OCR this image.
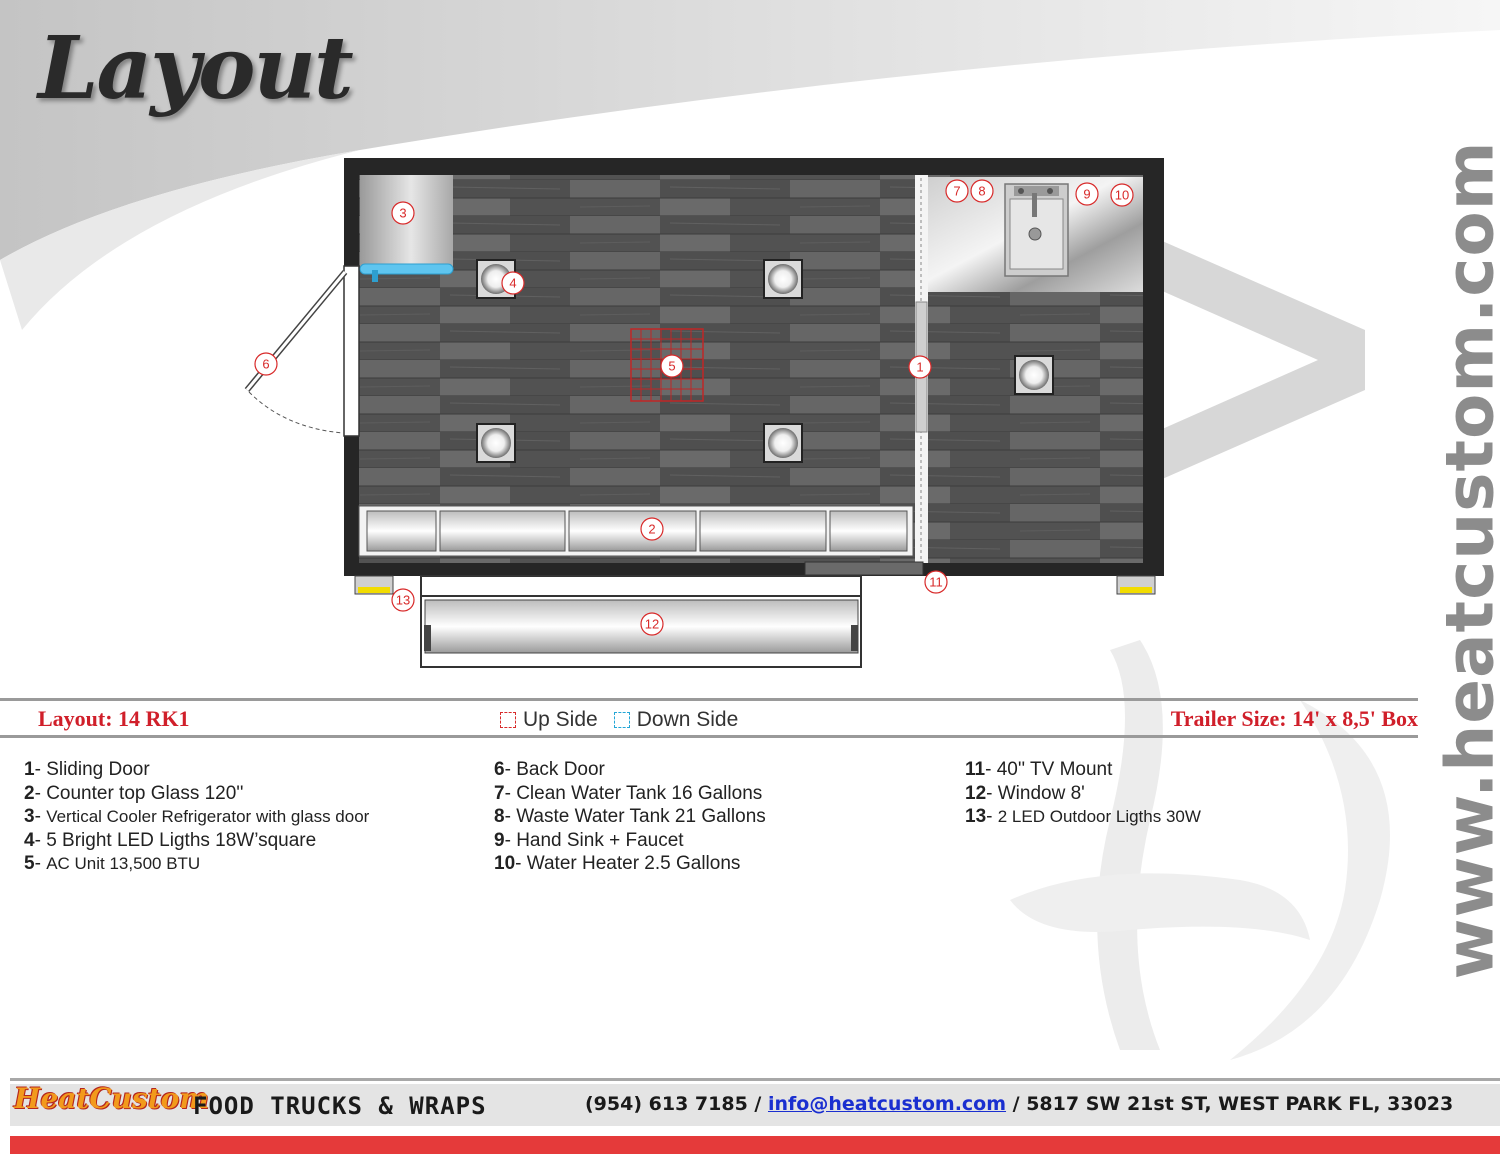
Layout
www.heatcustom.com
1
2
3
4
5
6
7 8	9 10
11
12
13
Layout: 14 RK1	Up Side Down Side	Trailer Size: 14' x 8,5' Box
1- Sliding Door
2- Counter top Glass 120''
3- Vertical Cooler Refrigerator with glass door
4- 5 Bright LED Ligths 18W’square
5- AC Unit 13,500 BTU
6- Back Door
7- Clean Water Tank 16 Gallons
8- Waste Water Tank 21 Gallons
9- Hand Sink + Faucet
10- Water Heater 2.5 Gallons
11- 40'' TV Mount
12- Window 8'
13- 2 LED Outdoor Ligths 30W
HeatCustom
FOOD TRUCKS & WRAPS	(954) 613 7185 / info@heatcustom.com / 5817 SW 21st ST, WEST PARK FL, 33023
